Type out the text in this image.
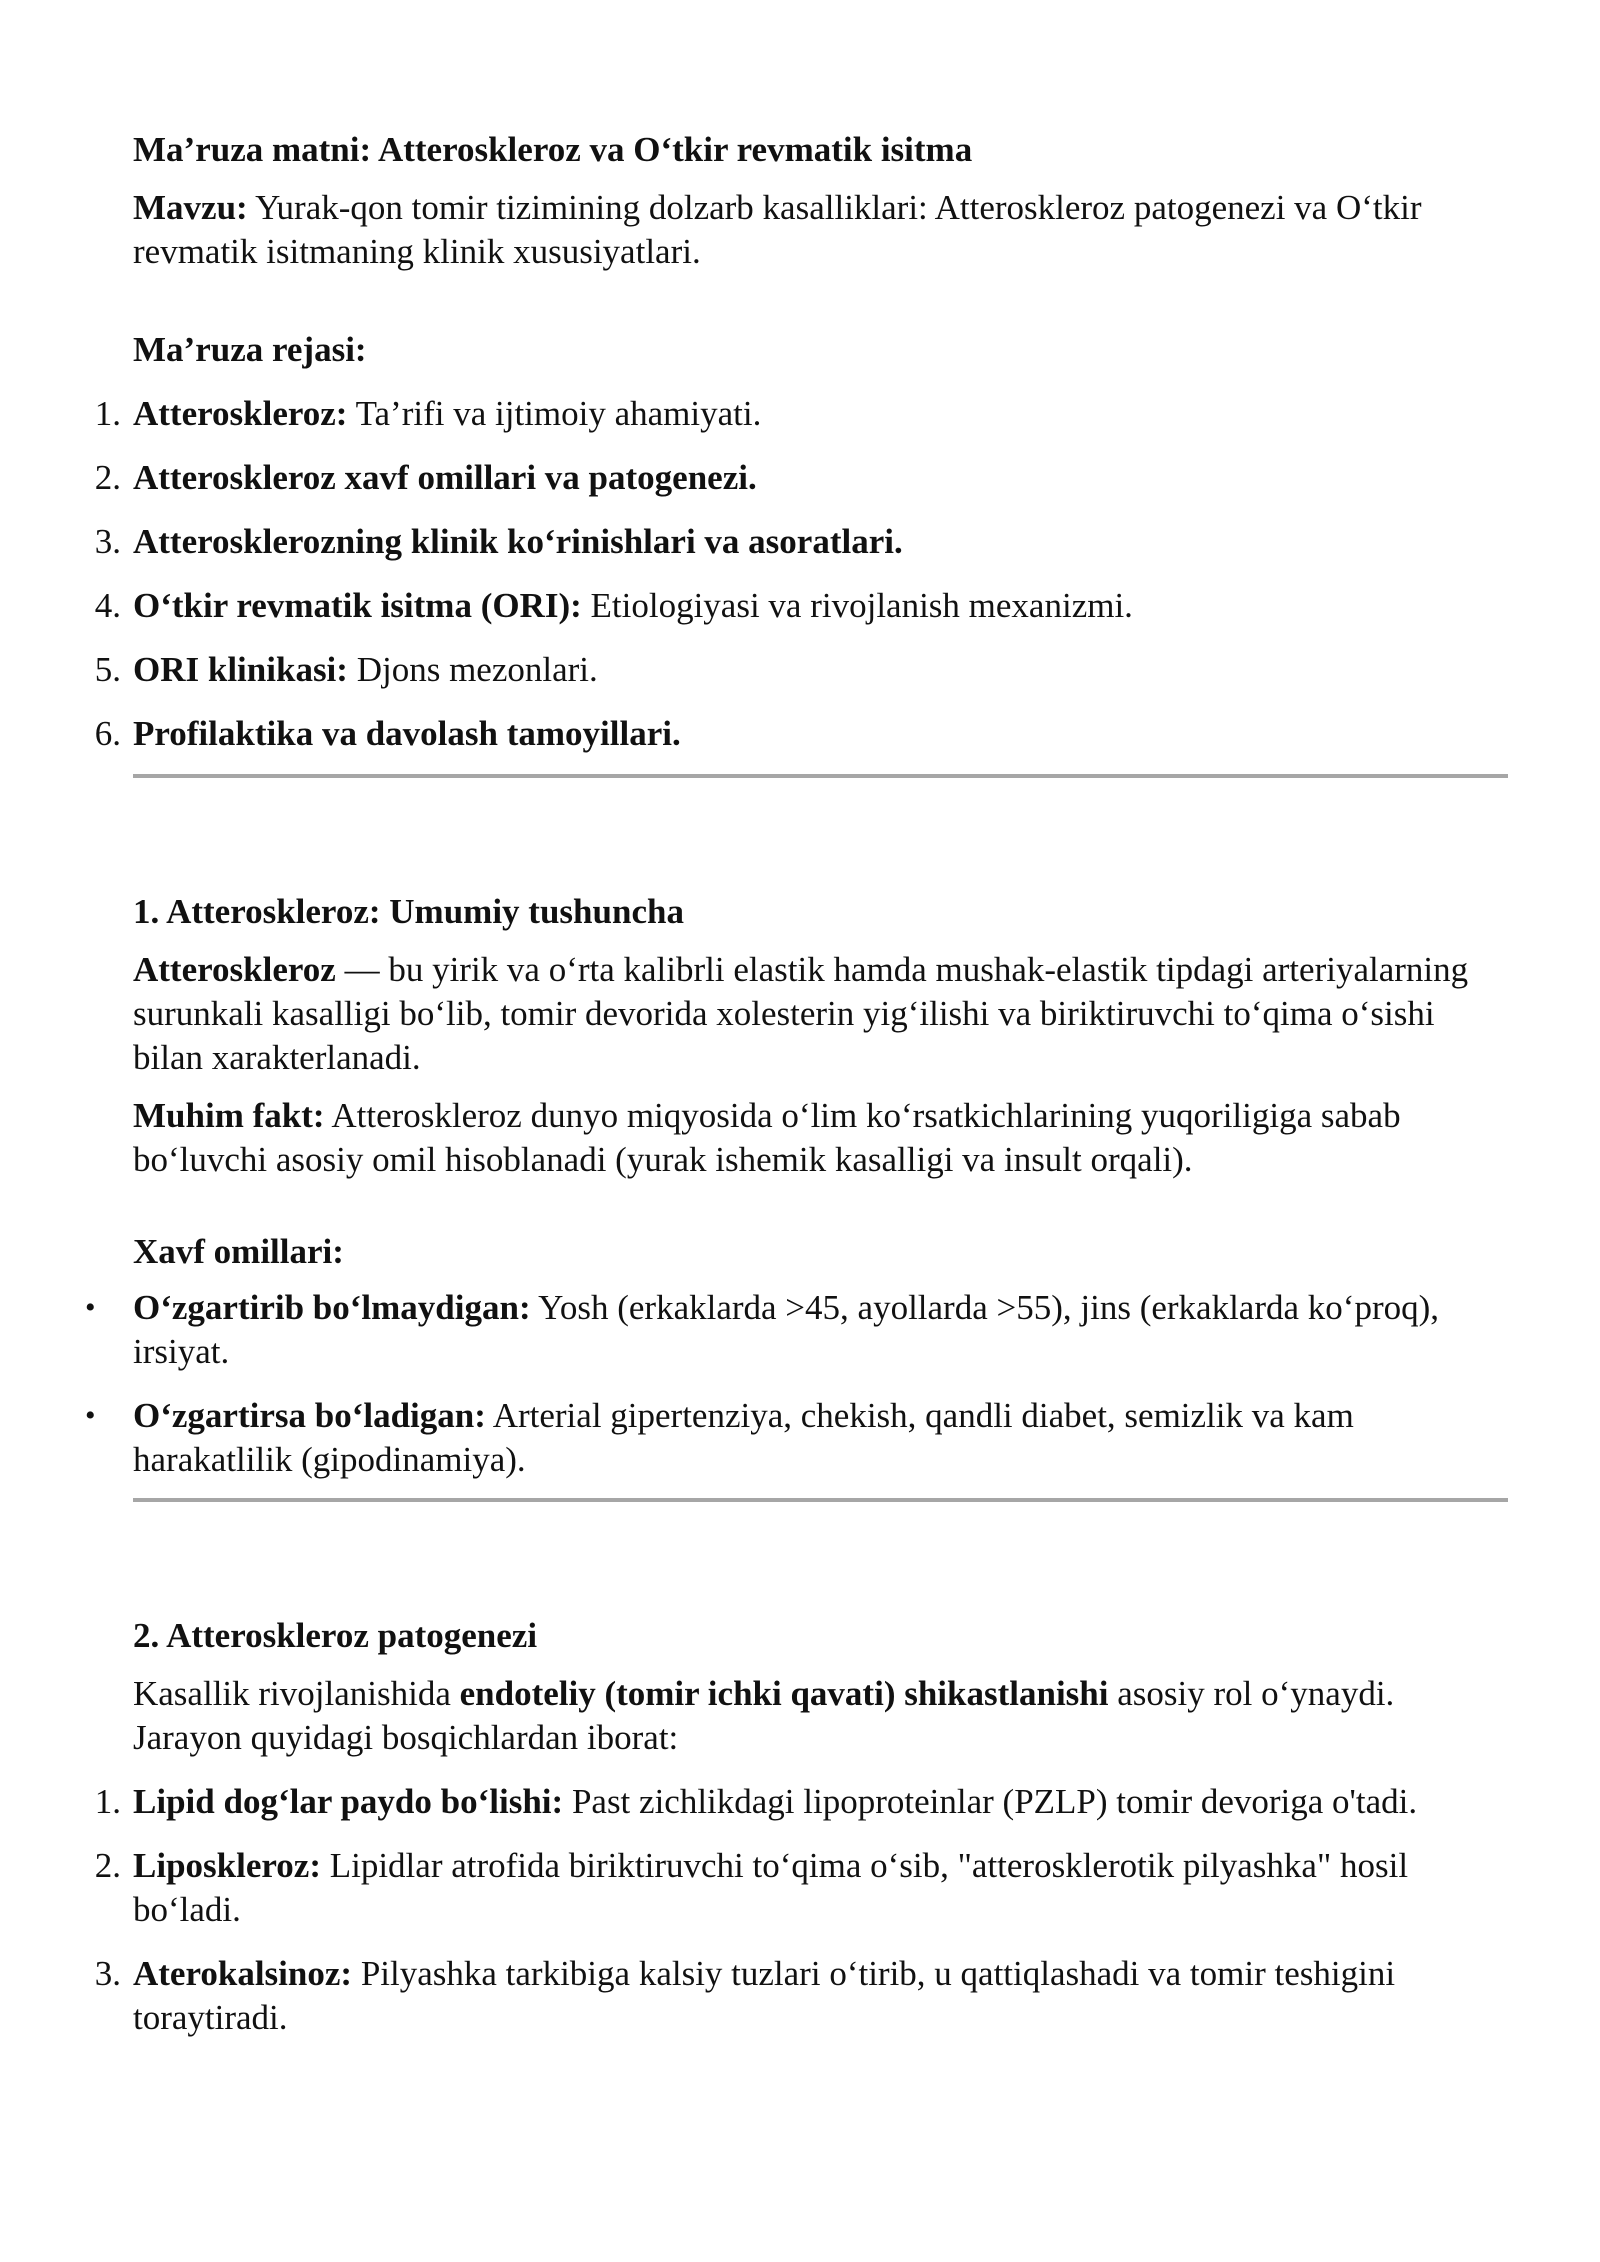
Ma’ruza matni: Atteroskleroz va O‘tkir revmatik isitma

Mavzu: Yurak-qon tomir tizimining dolzarb kasalliklari: Atteroskleroz patogenezi va O‘tkir revmatik isitmaning klinik xususiyatlari.

Ma’ruza rejasi:
1. Atteroskleroz: Ta’rifi va ijtimoiy ahamiyati.
2. Atteroskleroz xavf omillari va patogenezi.
3. Atterosklerozning klinik ko‘rinishlari va asoratlari.
4. O‘tkir revmatik isitma (ORI): Etiologiyasi va rivojlanish mexanizmi.
5. ORI klinikasi: Djons mezonlari.
6. Profilaktika va davolash tamoyillari.
1. Atteroskleroz: Umumiy tushuncha

Atteroskleroz — bu yirik va o‘rta kalibrli elastik hamda mushak-elastik tipdagi arteriyalarning surunkali kasalligi bo‘lib, tomir devorida xolesterin yig‘ilishi va biriktiruvchi to‘qima o‘sishi bilan xarakterlanadi.

Muhim fakt: Atteroskleroz dunyo miqyosida o‘lim ko‘rsatkichlarining yuqoriligiga sabab bo‘luvchi asosiy omil hisoblanadi (yurak ishemik kasalligi va insult orqali).

Xavf omillari:
• O‘zgartirib bo‘lmaydigan: Yosh (erkaklarda >45, ayollarda >55), jins (erkaklarda ko‘proq), irsiyat.
• O‘zgartirsa bo‘ladigan: Arterial gipertenziya, chekish, qandli diabet, semizlik va kam harakatlilik (gipodinamiya).
2. Atteroskleroz patogenezi

Kasallik rivojlanishida endoteliy (tomir ichki qavati) shikastlanishi asosiy rol o‘ynaydi. Jarayon quyidagi bosqichlardan iborat:

1. Lipid dog‘lar paydo bo‘lishi: Past zichlikdagi lipoproteinlar (PZLP) tomir devoriga o'tadi.
2. Liposkleroz: Lipidlar atrofida biriktiruvchi to‘qima o‘sib, "atterosklerotik pilyashka" hosil bo‘ladi.
3. Aterokalsinoz: Pilyashka tarkibiga kalsiy tuzlari o‘tirib, u qattiqlashadi va tomir teshigini toraytiradi.
